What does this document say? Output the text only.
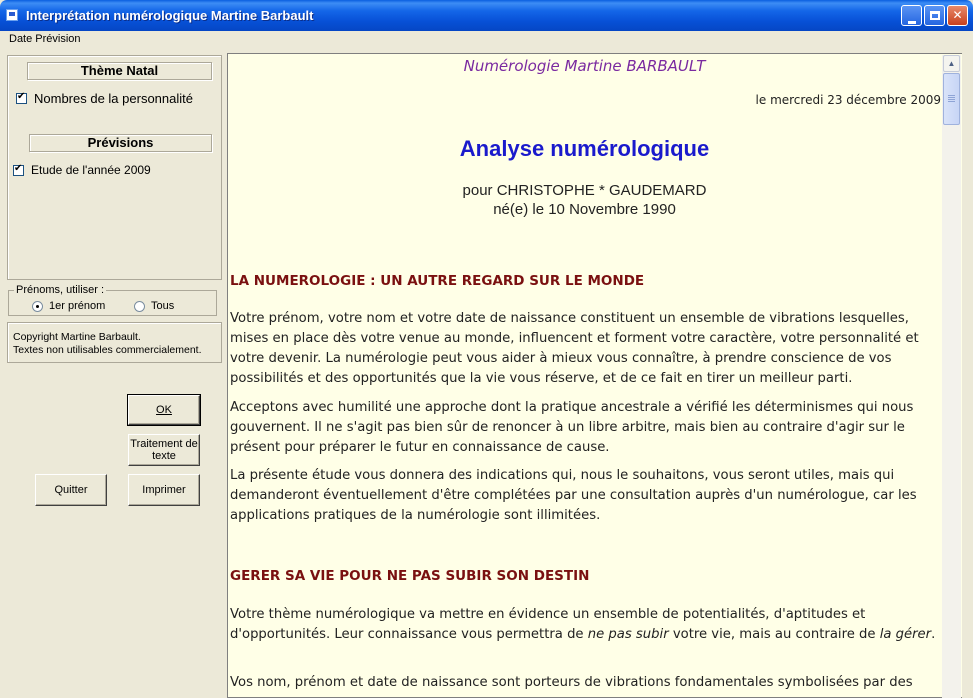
Interprétation numérologique Martine Barbault	✕
Date Prévision
Thème Natal
✔
Nombres de la personnalité
Prévisions
✔
Etude de l'année 2009
Prénoms, utiliser :
1er prénom	Tous
Copyright Martine Barbault.
Textes non utilisables commercialement.
OK
Traitement de
texte
Quitter	Imprimer
Numérologie Martine BARBAULT
le mercredi 23 décembre 2009
Analyse numérologique
pour CHRISTOPHE * GAUDEMARD
né(e) le 10 Novembre 1990
LA NUMEROLOGIE : UN AUTRE REGARD SUR LE MONDE
Votre prénom, votre nom et votre date de naissance constituent un ensemble de vibrations lesquelles, mises en place dès votre venue au monde, influencent et forment votre caractère, votre personnalité et votre devenir. La numérologie peut vous aider à mieux vous connaître, à prendre conscience de vos possibilités et des opportunités que la vie vous réserve, et de ce fait en tirer un meilleur parti.
Acceptons avec humilité une approche dont la pratique ancestrale a vérifié les déterminismes qui nous gouvernent. Il ne s'agit pas bien sûr de renoncer à un libre arbitre, mais bien au contraire d'agir sur le présent pour préparer le futur en connaissance de cause.
La présente étude vous donnera des indications qui, nous le souhaitons, vous seront utiles, mais qui demanderont éventuellement d'être complétées par une consultation auprès d'un numérologue, car les applications pratiques de la numérologie sont illimitées.
GERER SA VIE POUR NE PAS SUBIR SON DESTIN
Votre thème numérologique va mettre en évidence un ensemble de potentialités, d'aptitudes et d'opportunités. Leur connaissance vous permettra de ne pas subir votre vie, mais au contraire de la gérer.
Vos nom, prénom et date de naissance sont porteurs de vibrations fondamentales symbolisées par des
▲
